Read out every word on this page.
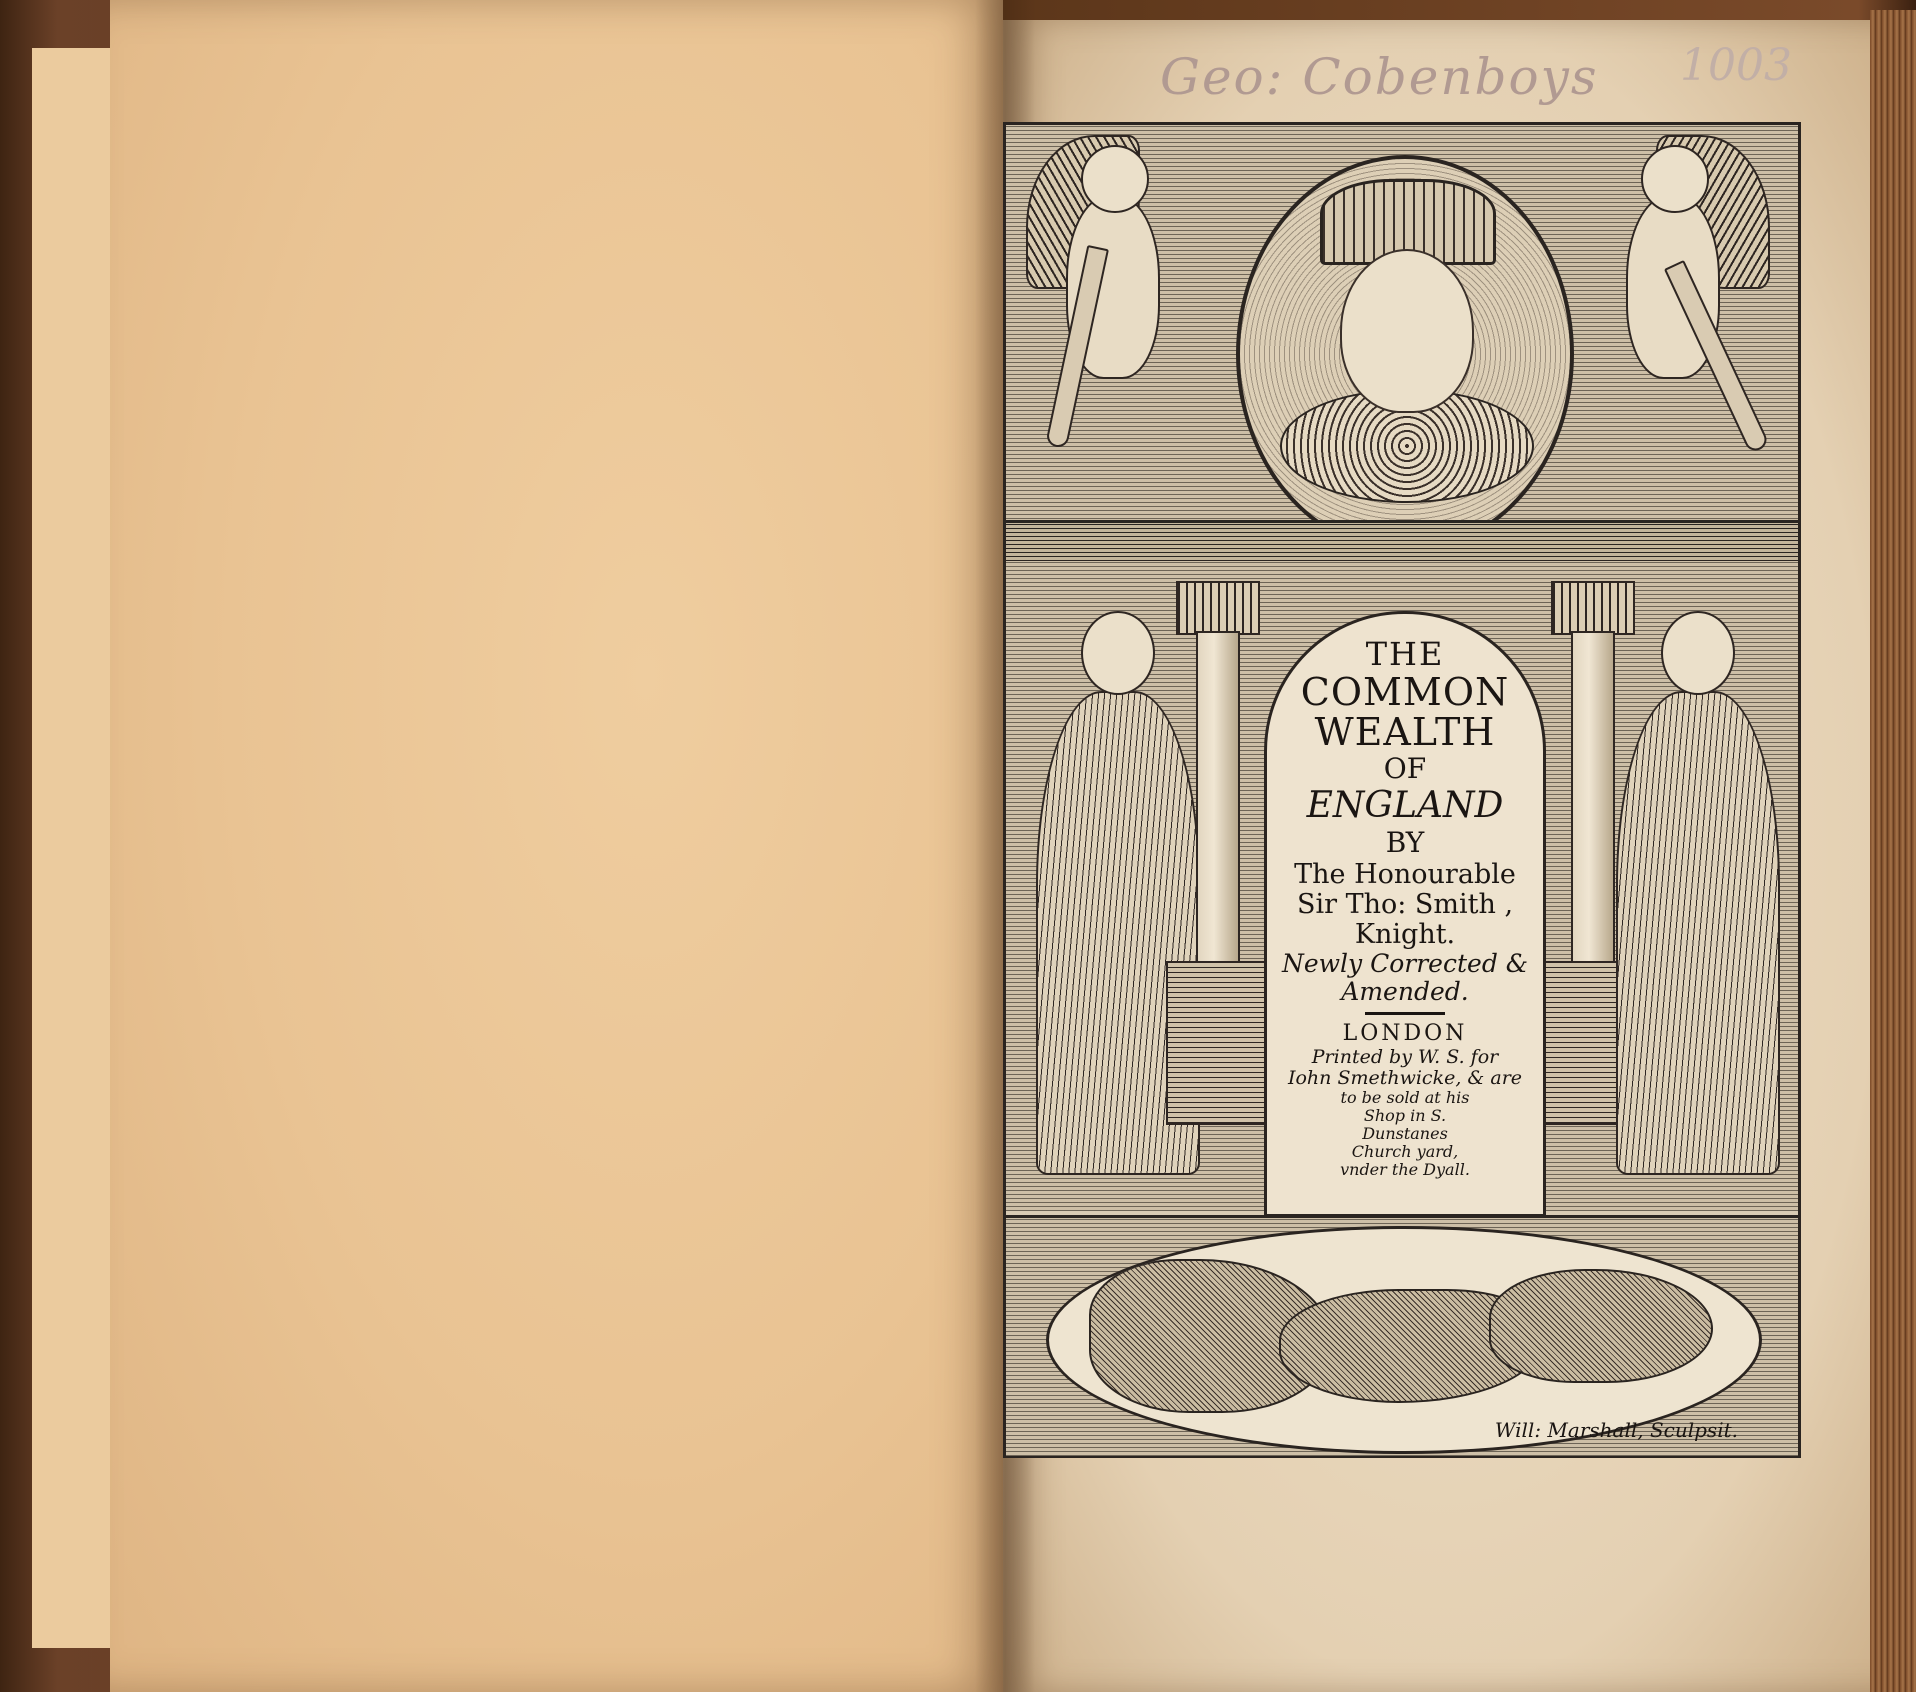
Geo: Cobenboys 1003
THE
COMMON
WEALTH
OF
ENGLAND
BY
The Honourable
Sir Tho: Smith ,
Knight.
Newly Corrected &
Amended.
LONDON
Printed by W. S. for
Iohn Smethwicke, & are
to be sold at his
Shop in S.
Dunstanes
Church yard,
vnder the Dyall.
Will: Marshall, Sculpsit.
